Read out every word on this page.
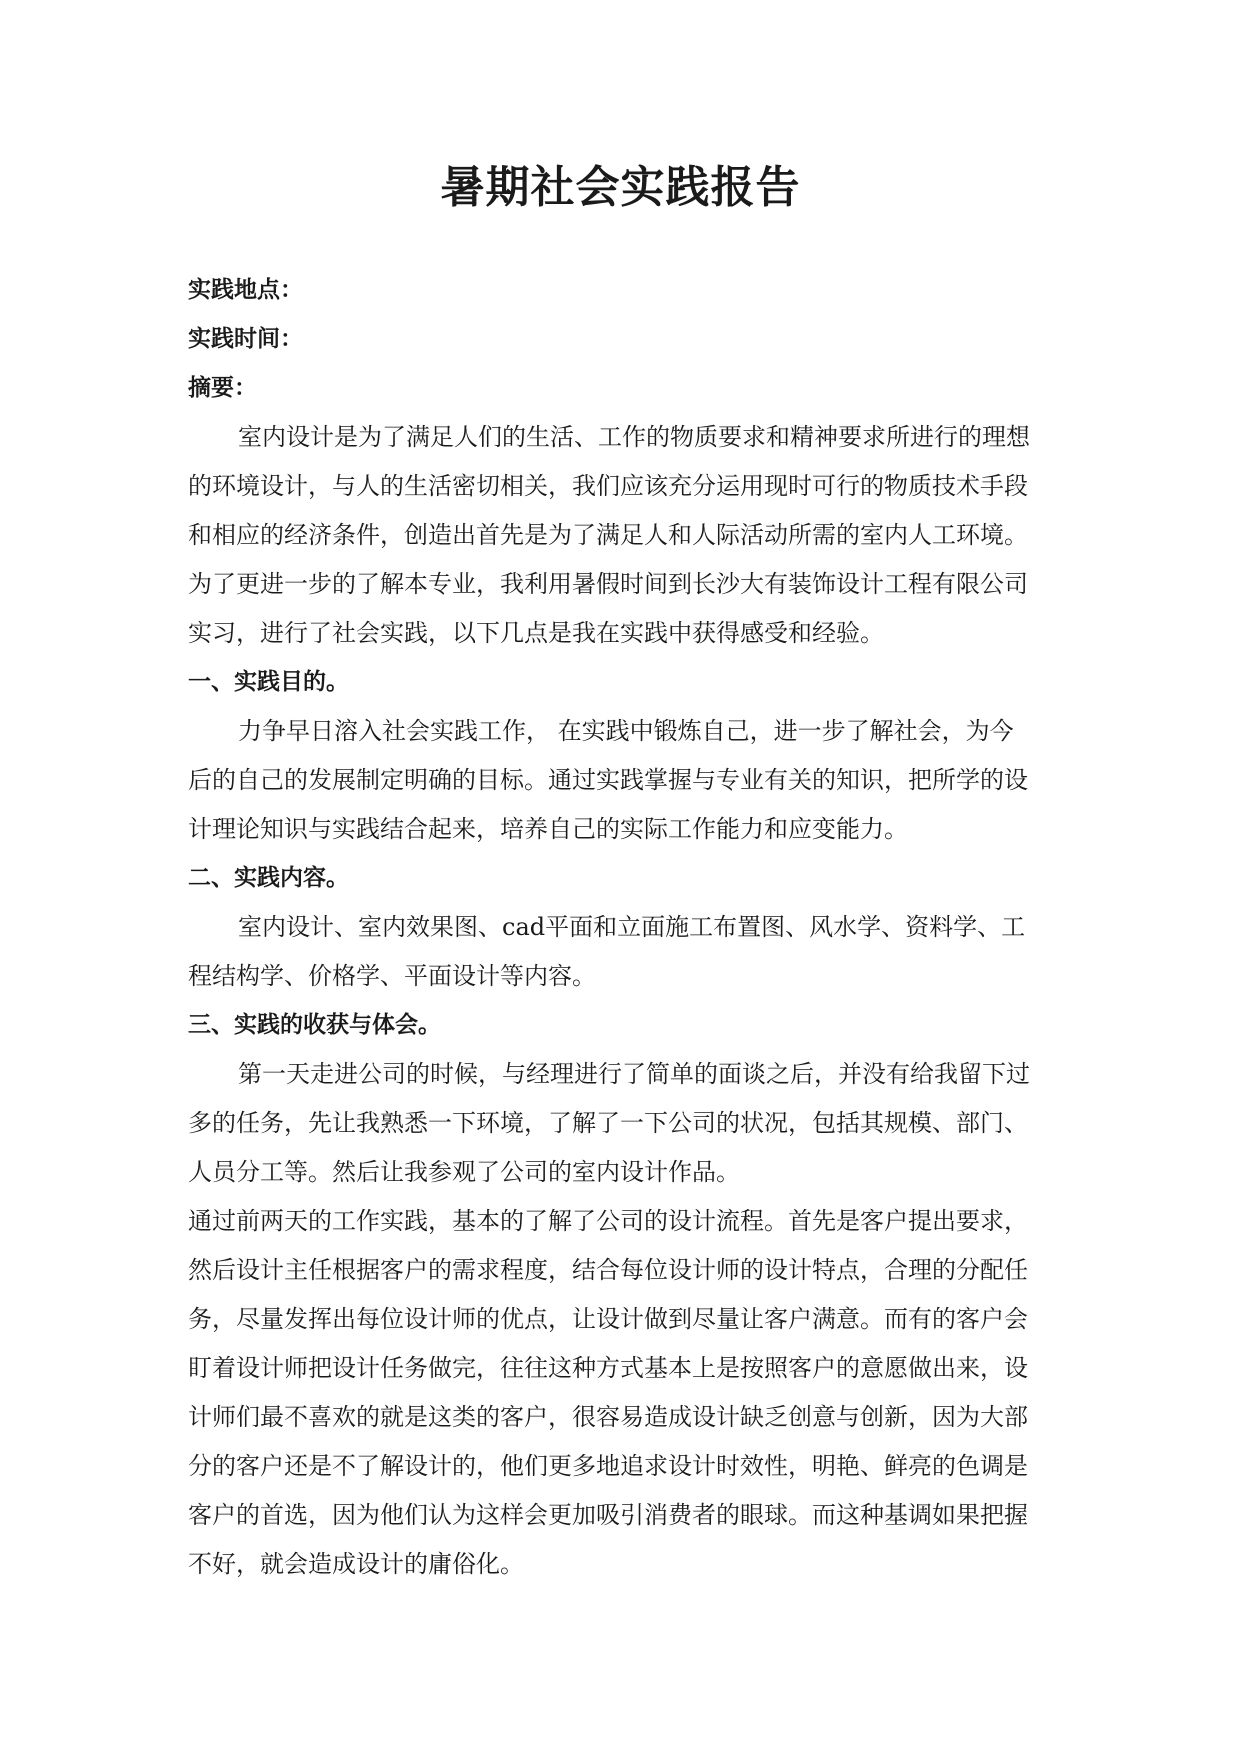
暑期社会实践报告

实践地点：

实践时间：

摘要：

室内设计是为了满足人们的生活、工作的物质要求和精神要求所进行的理想

的环境设计，与人的生活密切相关，我们应该充分运用现时可行的物质技术手段

和相应的经济条件，创造出首先是为了满足人和人际活动所需的室内人工环境。

为了更进一步的了解本专业，我利用暑假时间到长沙大有装饰设计工程有限公司

实习，进行了社会实践，以下几点是我在实践中获得感受和经验。

一、实践目的。

力争早日溶入社会实践工作， 在实践中锻炼自己，进一步了解社会，为今

后的自己的发展制定明确的目标。通过实践掌握与专业有关的知识，把所学的设

计理论知识与实践结合起来，培养自己的实际工作能力和应变能力。

二、实践内容。

室内设计、室内效果图、cad平面和立面施工布置图、风水学、资料学、工

程结构学、价格学、平面设计等内容。

三、实践的收获与体会。

第一天走进公司的时候，与经理进行了简单的面谈之后，并没有给我留下过

多的任务，先让我熟悉一下环境，了解了一下公司的状况，包括其规模、部门、

人员分工等。然后让我参观了公司的室内设计作品。

通过前两天的工作实践，基本的了解了公司的设计流程。首先是客户提出要求，

然后设计主任根据客户的需求程度，结合每位设计师的设计特点，合理的分配任

务，尽量发挥出每位设计师的优点，让设计做到尽量让客户满意。而有的客户会

盯着设计师把设计任务做完，往往这种方式基本上是按照客户的意愿做出来，设

计师们最不喜欢的就是这类的客户，很容易造成设计缺乏创意与创新，因为大部

分的客户还是不了解设计的，他们更多地追求设计时效性，明艳、鲜亮的色调是

客户的首选，因为他们认为这样会更加吸引消费者的眼球。而这种基调如果把握

不好，就会造成设计的庸俗化。
